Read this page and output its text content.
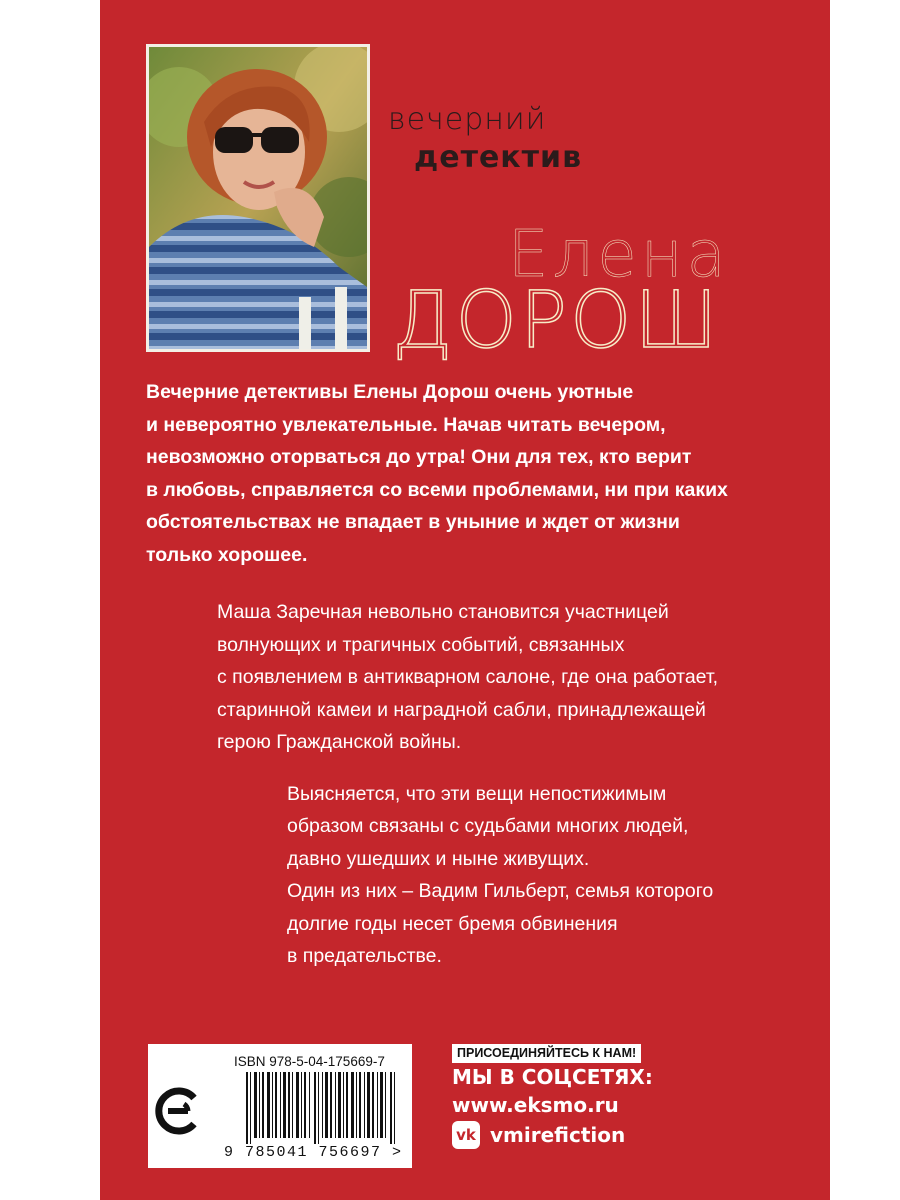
вечерний
детектив
Елена
ДОРОШ
Вечерние детективы Елены Дорош очень уютные
и невероятно увлекательные. Начав читать вечером,
невозможно оторваться до утра! Они для тех, кто верит
в любовь, справляется со всеми проблемами, ни при каких
обстоятельствах не впадает в уныние и ждет от жизни
только хорошее.
Маша Заречная невольно становится участницей
волнующих и трагичных событий, связанных
с появлением в антикварном салоне, где она работает,
старинной камеи и наградной сабли, принадлежащей
герою Гражданской войны.
Выясняется, что эти вещи непостижимым
образом связаны с судьбами многих людей,
давно ушедших и ныне живущих.
Один из них – Вадим Гильберт, семья которого
долгие годы несет бремя обвинения
в предательстве.
ISBN 978-5-04-175669-7
9 785041 756697 >
ПРИСОЕДИНЯЙТЕСЬ К НАМ!
МЫ В СОЦСЕТЯХ:
www.eksmo.ru
vk vmirefiction
